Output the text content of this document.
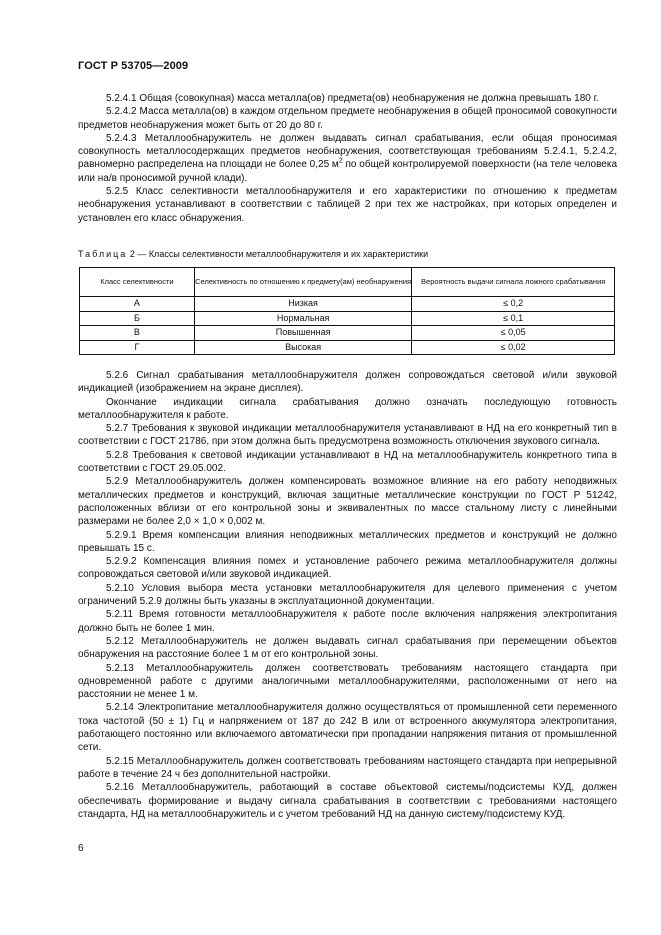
ГОСТ Р 53705—2009

5.2.4.1 Общая (совокупная) масса металла(ов) предмета(ов) необнаружения не должна превышать 180 г.

5.2.4.2 Масса металла(ов) в каждом отдельном предмете необнаружения в общей проносимой совокупности предметов необнаружения может быть от 20 до 80 г.

5.2.4.3 Металлообнаружитель не должен выдавать сигнал срабатывания, если общая проносимая совокупность металлосодержащих предметов необнаружения, соответствующая требованиям 5.2.4.1, 5.2.4.2, равномерно распределена на площади не более 0,25 $м^2$ по общей контролируемой поверхности (на теле человека или на/в проносимой ручной клади).

5.2.5 Класс селективности металлообнаружителя и его характеристики по отношению к предметам необнаружения устанавливают в соответствии с таблицей 2 при тех же настройках, при которых определен и установлен его класс обнаружения.

Таблица 2 — Классы селективности металлообнаружителя и их характеристики
Класс селективности	Селективность по отношению к предмету(ам) необнаружения	Вероятность выдачи сигнала ложного срабатывания
А	Низкая	≤ 0,2
Б	Нормальная	≤ 0,1
В	Повышенная	≤ 0,05
Г	Высокая	≤ 0,02

5.2.6 Сигнал срабатывания металлообнаружителя должен сопровождаться световой и/или звуковой индикацией (изображением на экране дисплея).

Окончание индикации сигнала срабатывания должно означать последующую готовность металлообнаружителя к работе.

5.2.7 Требования к звуковой индикации металлообнаружителя устанавливают в НД на его конкретный тип в соответствии с ГОСТ 21786, при этом должна быть предусмотрена возможность отключения звукового сигнала.

5.2.8 Требования к световой индикации устанавливают в НД на металлообнаружитель конкретного типа в соответствии с ГОСТ 29.05.002.

5.2.9 Металлообнаружитель должен компенсировать возможное влияние на его работу неподвижных металлических предметов и конструкций, включая защитные металлические конструкции по ГОСТ Р 51242, расположенных вблизи от его контрольной зоны и эквивалентных по массе стальному листу с линейными размерами не более 2,0 × 1,0 × 0,002 м.

5.2.9.1 Время компенсации влияния неподвижных металлических предметов и конструкций не должно превышать 15 с.

5.2.9.2 Компенсация влияния помех и установление рабочего режима металлообнаружителя должны сопровождаться световой и/или звуковой индикацией.

5.2.10 Условия выбора места установки металлообнаружителя для целевого применения с учетом ограничений 5.2.9 должны быть указаны в эксплуатационной документации.

5.2.11 Время готовности металлообнаружителя к работе после включения напряжения электропитания должно быть не более 1 мин.

5.2.12 Металлообнаружитель не должен выдавать сигнал срабатывания при перемещении объектов обнаружения на расстояние более 1 м от его контрольной зоны.

5.2.13 Металлообнаружитель должен соответствовать требованиям настоящего стандарта при одновременной работе с другими аналогичными металлообнаружителями, расположенными от него на расстоянии не менее 1 м.

5.2.14 Электропитание металлообнаружителя должно осуществляться от промышленной сети переменного тока частотой (50 ± 1) Гц и напряжением от 187 до 242 В или от встроенного аккумулятора электропитания, работающего постоянно или включаемого автоматически при пропадании напряжения питания от промышленной сети.

5.2.15 Металлообнаружитель должен соответствовать требованиям настоящего стандарта при непрерывной работе в течение 24 ч без дополнительной настройки.

5.2.16 Металлообнаружитель, работающий в составе объектовой системы/подсистемы КУД, должен обеспечивать формирование и выдачу сигнала срабатывания в соответствии с требованиями настоящего стандарта, НД на металлообнаружитель и с учетом требований НД на данную систему/подсистему КУД.

6
